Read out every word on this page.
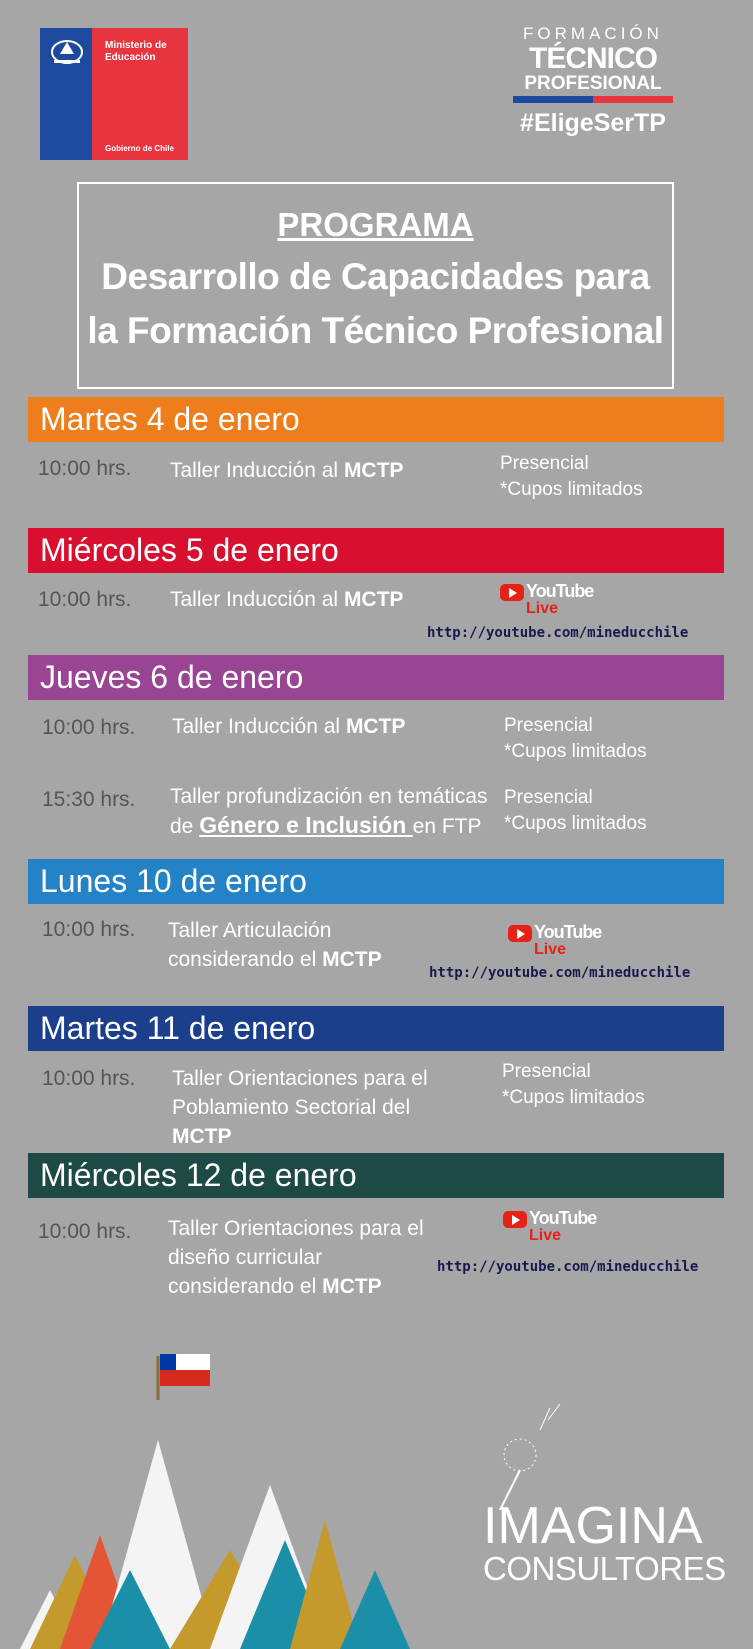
Ministerio de
Educación
Gobierno de Chile
FORMACIÓN
TÉCNICO
PROFESIONAL
#EligeSerTP
PROGRAMA
Desarrollo de Capacidades para
la Formación Técnico Profesional
Martes 4 de enero
10:00 hrs. Taller Inducción al MCTP	Presencial
*Cupos limitados
Miércoles 5 de enero
10:00 hrs. Taller Inducción al MCTP	YouTube
Live
http://youtube.com/mineducchile
Jueves 6 de enero
10:00 hrs. Taller Inducción al MCTP	Presencial
*Cupos limitados
15:30 hrs. Taller profundización en temáticas
de Género e Inclusión en FTP
Presencial
*Cupos limitados
Lunes 10 de enero
10:00 hrs. Taller Articulación
considerando el MCTP
YouTube
Live
http://youtube.com/mineducchile
Martes 11 de enero
10:00 hrs. Taller Orientaciones para el
Poblamiento Sectorial del
MCTP
Presencial
*Cupos limitados
Miércoles 12 de enero
10:00 hrs. Taller Orientaciones para el
diseño curricular
considerando el MCTP
YouTube
Live
http://youtube.com/mineducchile
IMAGINA
CONSULTORES
